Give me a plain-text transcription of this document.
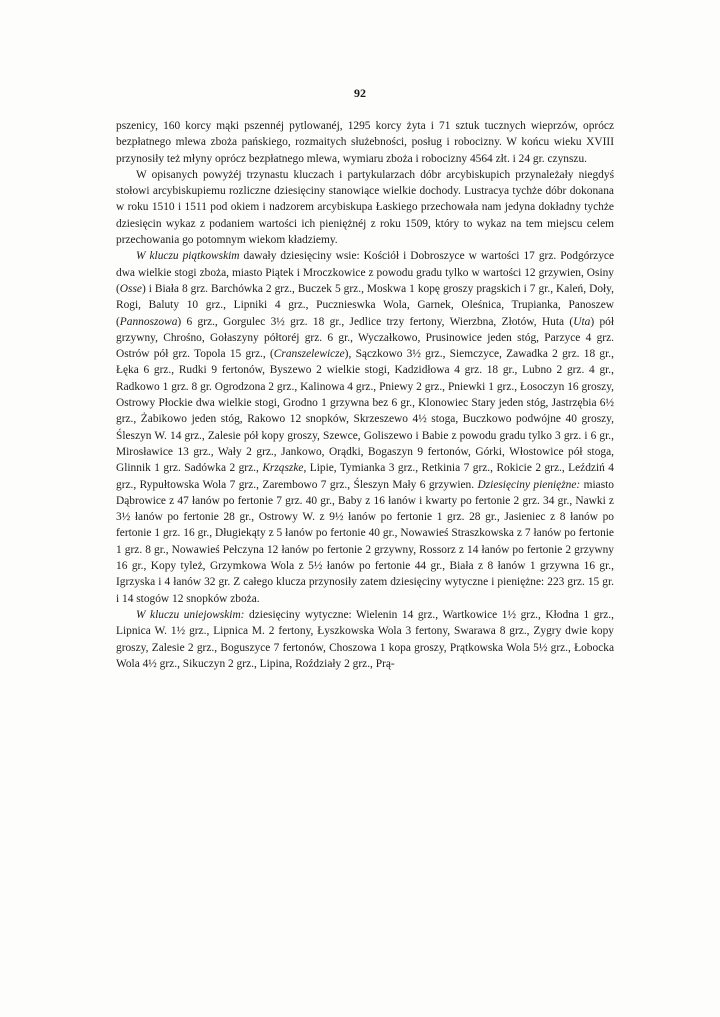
92

pszenicy, 160 korcy mąki pszennéj pytlowanéj, 1295 korcy żyta i 71 sztuk tucznych wieprzów, oprócz bezpłatnego mlewa zboża pańskiego, rozmaitych służebności, posług i robocizny. W końcu wieku XVIII przynosiły też młyny oprócz bezpłatnego mlewa, wymiaru zboża i robocizny 4564 złt. i 24 gr. czynszu.

W opisanych powyżéj trzynastu kluczach i partykularzach dóbr arcybiskupich przynależały niegdyś stołowi arcybiskupiemu rozliczne dziesięciny stanowiące wielkie dochody. Lustracya tychże dóbr dokonana w roku 1510 i 1511 pod okiem i nadzorem arcybiskupa Łaskiego przechowała nam jedyna dokładny tychże dziesięcin wykaz z podaniem wartości ich pieniężnéj z roku 1509, który to wykaz na tem miejscu celem przechowania go potomnym wiekom kładziemy.

W kluczu piątkowskim dawały dziesięciny wsie: Kościół i Dobroszyce w wartości 17 grz. Podgórzyce dwa wielkie stogi zboża, miasto Piątek i Mroczkowice z powodu gradu tylko w wartości 12 grzywien, Osiny (Osse) i Biała 8 grz. Barchówka 2 grz., Buczek 5 grz., Moskwa 1 kopę groszy pragskich i 7 gr., Kaleń, Doły, Rogi, Baluty 10 grz., Lipniki 4 grz., Pucznieswka Wola, Garnek, Oleśnica, Trupianka, Panoszew (Pannoszowa) 6 grz., Gorgulec 3½ grz. 18 gr., Jedlice trzy fertony, Wierzbna, Złotów, Huta (Uta) pół grzywny, Chrośno, Gołaszyny półtoréj grz. 6 gr., Wyczałkowo, Prusinowice jeden stóg, Parzyce 4 grz. Ostrów pół grz. Topola 15 grz., (Cranszelewicze), Sączkowo 3½ grz., Siemczyce, Zawadka 2 grz. 18 gr., Łęka 6 grz., Rudki 9 fertonów, Byszewo 2 wielkie stogi, Kadzidłowa 4 grz. 18 gr., Lubno 2 grz. 4 gr., Radkowo 1 grz. 8 gr. Ogrodzona 2 grz., Kalinowa 4 grz., Pniewy 2 grz., Pniewki 1 grz., Łosoczyn 16 groszy, Ostrowy Płockie dwa wielkie stogi, Grodno 1 grzywna bez 6 gr., Klonowiec Stary jeden stóg, Jastrzębia 6½ grz., Żabikowo jeden stóg, Rakowo 12 snopków, Skrzeszewo 4½ stoga, Buczkowo podwójne 40 groszy, Śleszyn W. 14 grz., Zalesie pół kopy groszy, Szewce, Goliszewo i Babie z powodu gradu tylko 3 grz. i 6 gr., Mirosławice 13 grz., Wały 2 grz., Jankowo, Orądki, Bogaszyn 9 fertonów, Górki, Włostowice pół stoga, Glinnik 1 grz. Sadówka 2 grz., Krząszke, Lipie, Tymianka 3 grz., Retkinia 7 grz., Rokicie 2 grz., Leździń 4 grz., Rypułtowska Wola 7 grz., Zarembowo 7 grz., Śleszyn Mały 6 grzywien. Dziesięciny pieniężne: miasto Dąbrowice z 47 łanów po fertonie 7 grz. 40 gr., Baby z 16 łanów i kwarty po fertonie 2 grz. 34 gr., Nawki z 3½ łanów po fertonie 28 gr., Ostrowy W. z 9½ łanów po fertonie 1 grz. 28 gr., Jasieniec z 8 łanów po fertonie 1 grz. 16 gr., Długiekąty z 5 łanów po fertonie 40 gr., Nowawieś Straszkowska z 7 łanów po fertonie 1 grz. 8 gr., Nowawieś Pełczyna 12 łanów po fertonie 2 grzywny, Rossorz z 14 łanów po fertonie 2 grzywny 16 gr., Kopy tyleż, Grzymkowa Wola z 5½ łanów po fertonie 44 gr., Biała z 8 łanów 1 grzywna 16 gr., Igrzyska i 4 łanów 32 gr. Z całego klucza przynosiły zatem dziesięciny wytyczne i pieniężne: 223 grz. 15 gr. i 14 stogów 12 snopków zboża.

W kluczu uniejowskim: dziesięciny wytyczne: Wielenin 14 grz., Wartkowice 1½ grz., Kłodna 1 grz., Lipnica W. 1½ grz., Lipnica M. 2 fertony, Łyszkowska Wola 3 fertony, Swarawa 8 grz., Zygry dwie kopy groszy, Zalesie 2 grz., Boguszyce 7 fertonów, Choszowa 1 kopa groszy, Prątkowska Wola 5½ grz., Łobocka Wola 4½ grz., Sikuczyn 2 grz., Lipina, Roździały 2 grz., Prą-
